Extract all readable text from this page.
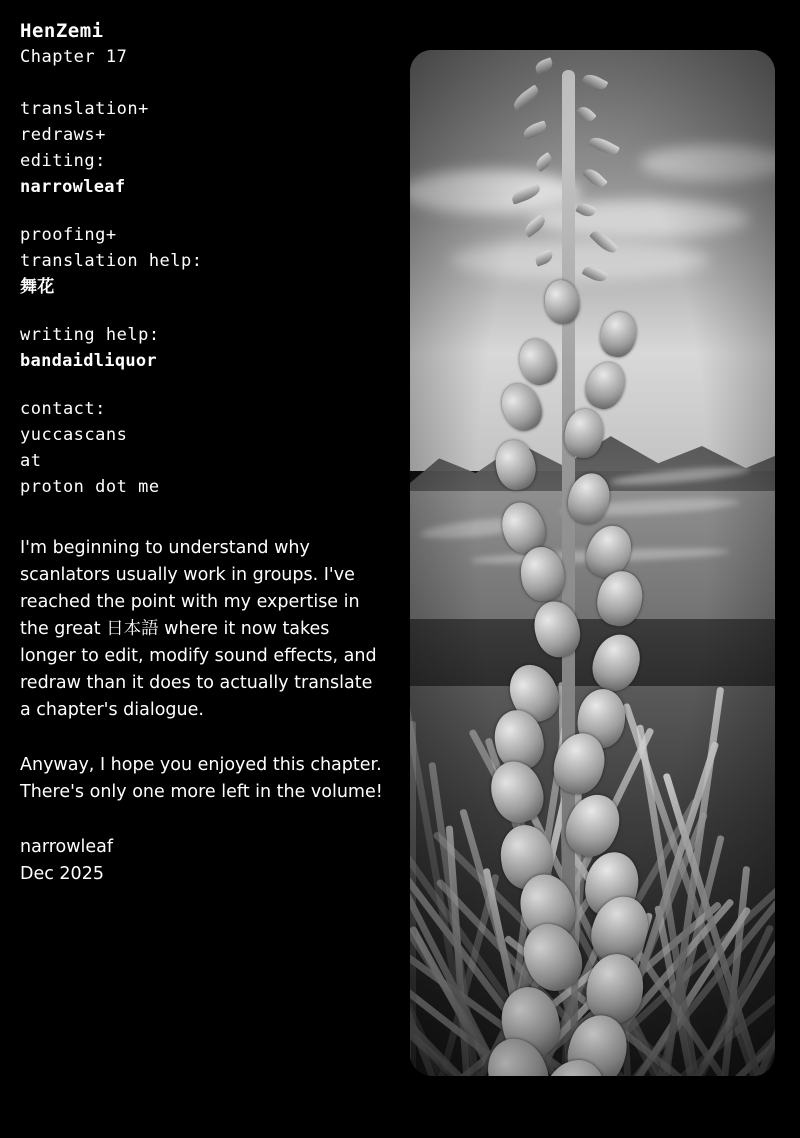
HenZemi
Chapter 17
translation+
redraws+
editing:
narrowleaf
proofing+
translation help:
舞花
writing help:
bandaidliquor
contact:
yuccascans
at
proton dot me

I'm beginning to understand why scanlators usually work in groups. I've reached the point with my expertise in the great 日本語 where it now takes longer to edit, modify sound effects, and redraw than it does to actually translate a chapter's dialogue.

Anyway, I hope you enjoyed this chapter. There's only one more left in the volume!

narrowleaf
Dec 2025
